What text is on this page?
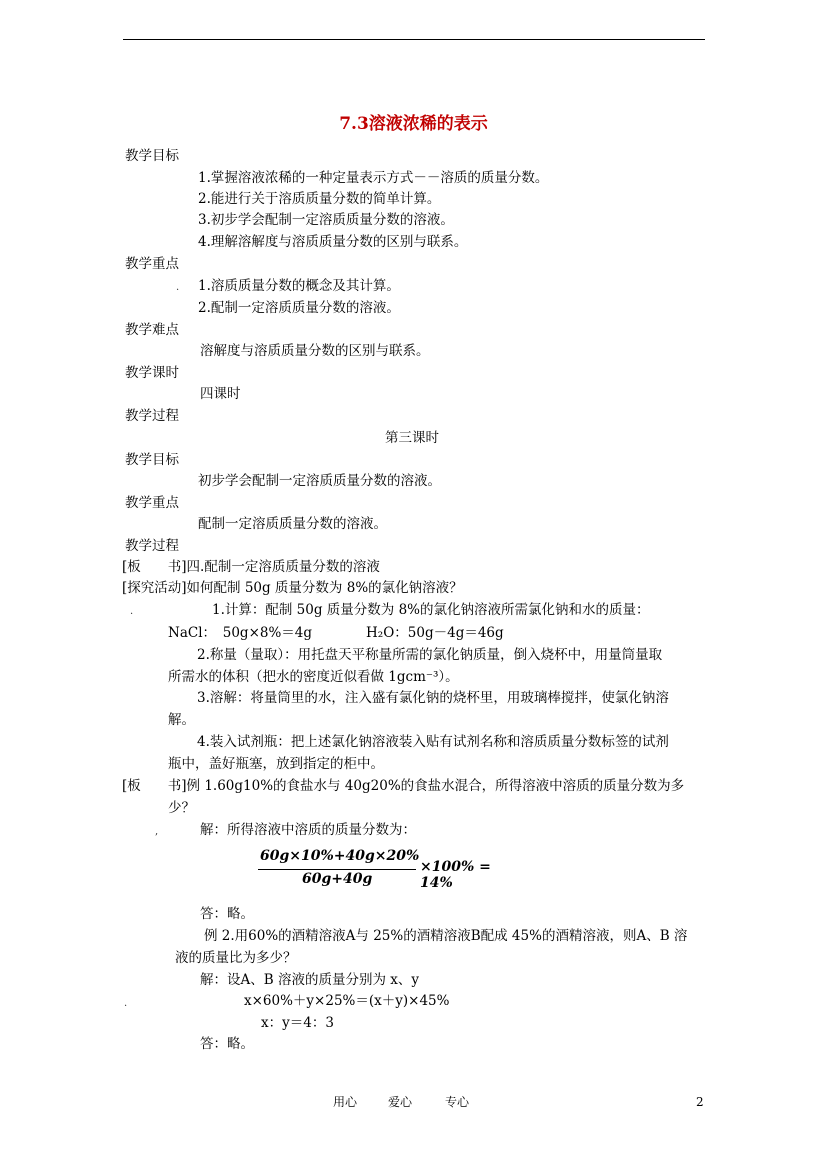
7.3溶液浓稀的表示
教学目标
1.掌握溶液浓稀的一种定量表示方式－－溶质的质量分数。
2.能进行关于溶质质量分数的简单计算。
3.初步学会配制一定溶质质量分数的溶液。
4.理解溶解度与溶质质量分数的区别与联系。
教学重点
. 1.溶质质量分数的概念及其计算。
2.配制一定溶质质量分数的溶液。
教学难点
溶解度与溶质质量分数的区别与联系。
教学课时
四课时
教学过程
第三课时
教学目标
初步学会配制一定溶质质量分数的溶液。
教学重点
配制一定溶质质量分数的溶液。
教学过程
[板　　书]四.配制一定溶质质量分数的溶液
[探究活动]如何配制 50g 质量分数为 8%的氯化钠溶液？
.	1.计算：配制 50g 质量分数为 8%的氯化钠溶液所需氯化钠和水的质量：
NaCl：　50g×8%＝4g　　　　H₂O：50g－4g＝46g
2.称量（量取）：用托盘天平称量所需的氯化钠质量，倒入烧杯中，用量筒量取
所需水的体积（把水的密度近似看做 1gcm⁻³）。
3.溶解：将量筒里的水，注入盛有氯化钠的烧杯里，用玻璃棒搅拌，使氯化钠溶
解。
4.装入试剂瓶：把上述氯化钠溶液装入贴有试剂名称和溶质质量分数标签的试剂
瓶中，盖好瓶塞，放到指定的柜中。
[板　　书]例 1.60g10%的食盐水与 40g20%的食盐水混合，所得溶液中溶质的质量分数为多
少？
,	解：所得溶液中溶质的质量分数为：
60g×10%+40g×20%
60g+40g
×100% = 14%
答：略。
例 2.用60%的酒精溶液A与 25%的酒精溶液B配成 45%的酒精溶液，则A、B 溶
液的质量比为多少？
解：设A、B 溶液的质量分别为 x、y
.	x×60%＋y×25%＝(x＋y)×45%
x：y＝4：3
答：略。
用心	爱心	专心	2
